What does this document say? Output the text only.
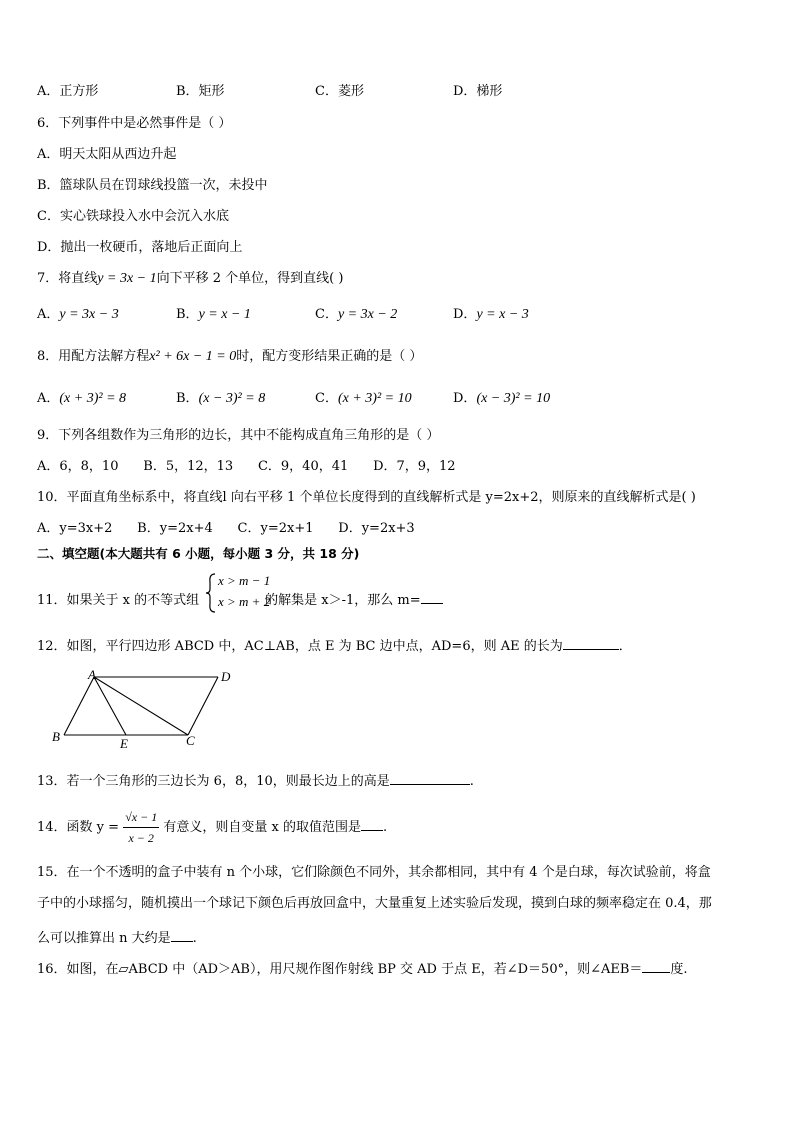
A．正方形	B．矩形	C．菱形	D．梯形
6．下列事件中是必然事件是（ ）
A．明天太阳从西边升起
B．篮球队员在罚球线投篮一次，未投中
C．实心铁球投入水中会沉入水底
D．抛出一枚硬币，落地后正面向上
7．将直线y = 3x − 1向下平移 2 个单位，得到直线( )
A．y = 3x − 3	B．y = x − 1	C．y = 3x − 2	D．y = x − 3
8．用配方法解方程x² + 6x − 1 = 0时，配方变形结果正确的是（ ）
A．(x + 3)² = 8	B．(x − 3)² = 8	C．(x + 3)² = 10	D．(x − 3)² = 10
9．下列各组数作为三角形的边长，其中不能构成直角三角形的是（ ）
A．6，8，10      B．5，12，13      C．9，40，41      D．7，9，12
10．平面直角坐标系中，将直线l 向右平移 1 个单位长度得到的直线解析式是 y=2x+2，则原来的直线解析式是( )
A．y=3x+2      B．y=2x+4      C．y=2x+1      D．y=2x+3
二、填空题(本大题共有 6 小题，每小题 3 分，共 18 分)
11．如果关于 x 的不等式组	的解集是 x＞-1，那么 m=
x > m − 1
x > m + 2
12．如图，平行四边形 ABCD 中，AC⊥AB，点 E 为 BC 边中点，AD=6，则 AE 的长为	．
A	D
B	E	C
13．若一个三角形的三边长为 6，8，10，则最长边上的高是	.
14．函数 $y = \frac{√x - 1}{x - 2}$ 有意义，则自变量 x 的取值范围是 .
15．在一个不透明的盒子中装有 n 个小球，它们除颜色不同外，其余都相同，其中有 4 个是白球，每次试验前，将盒
子中的小球摇匀，随机摸出一个球记下颜色后再放回盒中，大量重复上述实验后发现，摸到白球的频率稳定在 0.4，那
么可以推算出 n 大约是 .
16．如图，在▱ABCD 中（AD＞AB），用尺规作图作射线 BP 交 AD 于点 E，若∠D＝50°，则∠AEB＝ 度.
